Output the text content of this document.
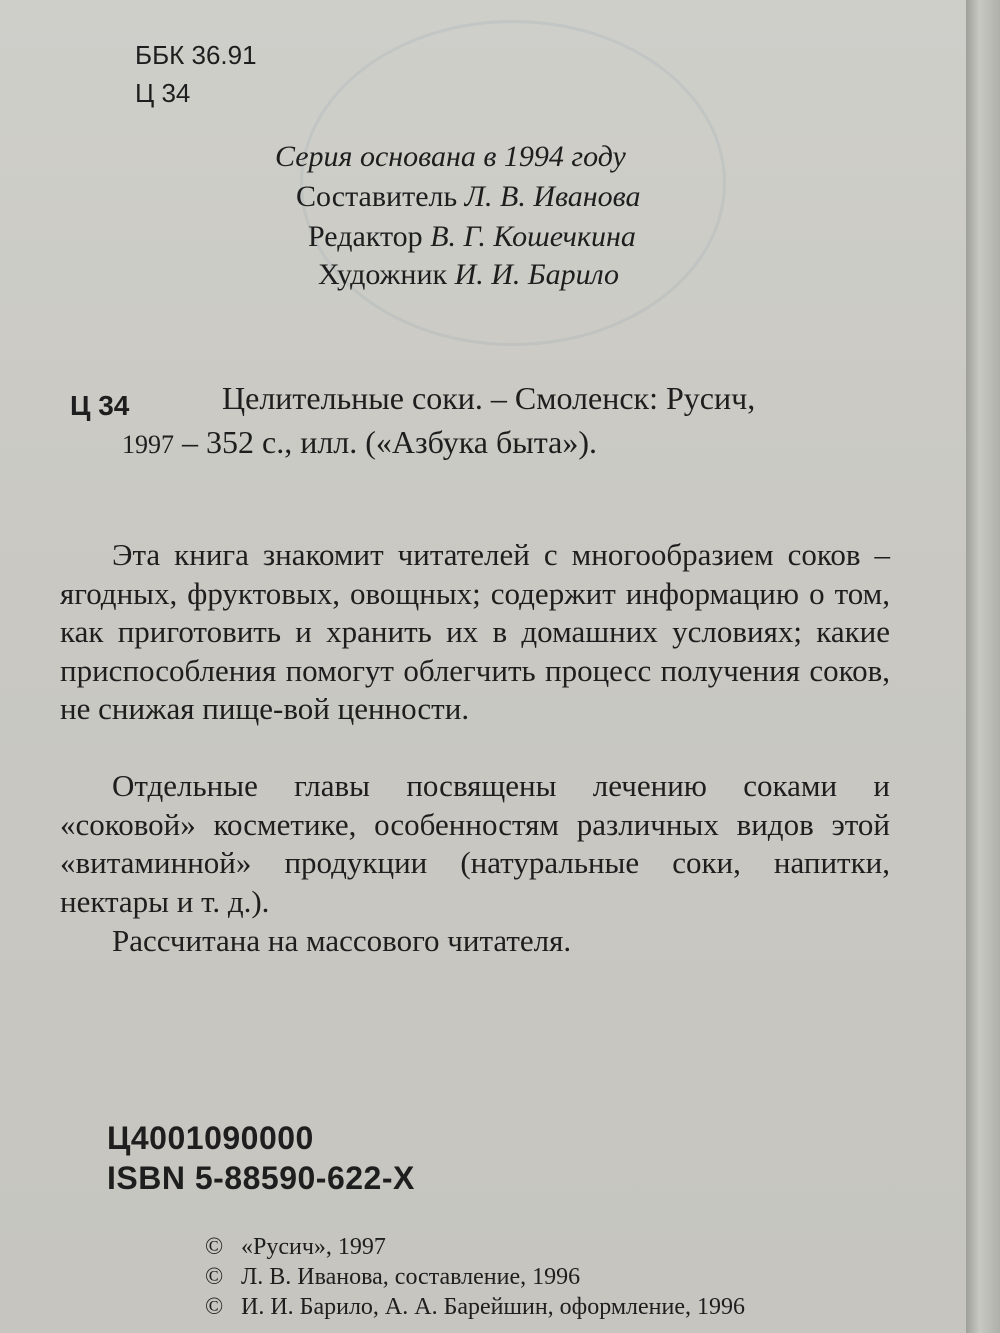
ББК 36.91
Ц 34
Серия основана в 1994 году
Составитель Л. В. Иванова
Редактор В. Г. Кошечкина
Художник И. И. Барило
Ц 34	Целительные соки. – Смоленск: Русич,
1997 – 352 с., илл. («Азбука быта»).

Эта книга знакомит читателей с многообразием соков – ягодных, фруктовых, овощных; содержит информацию о том, как приготовить и хранить их в домашних условиях; какие приспособления помогут облегчить процесс получения соков, не снижая пище-вой ценности.

Отдельные главы посвящены лечению соками и «соковой» косметике, особенностям различных видов этой «витаминной» продукции (натуральные соки, напитки, нектары и т. д.).

Рассчитана на массового читателя.

Ц4001090000
ISBN 5-88590-622-X
© «Русич», 1997
© Л. В. Иванова, составление, 1996
© И. И. Барило, А. А. Барейшин, оформление, 1996
